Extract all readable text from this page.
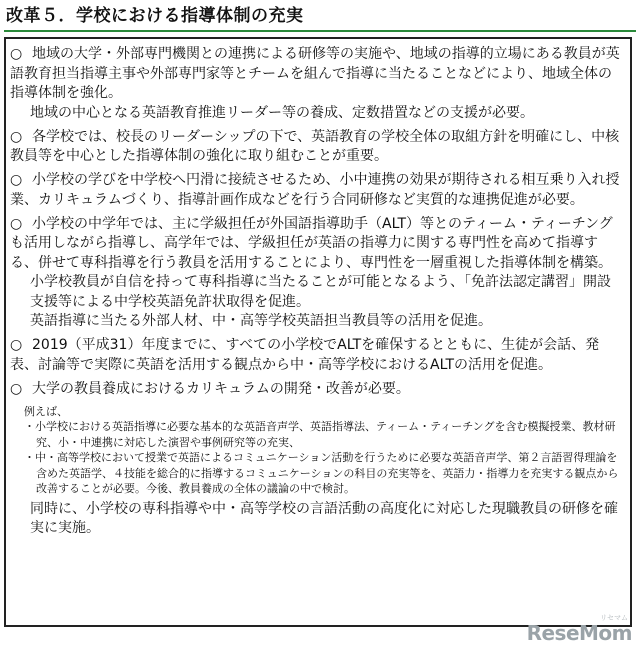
改革５．学校における指導体制の充実

○ 地域の大学・外部専門機関との連携による研修等の実施や、地域の指導的立場にある教員が英語教育担当指導主事や外部専門家等とチームを組んで指導に当たることなどにより、地域全体の指導体制を強化。

地域の中心となる英語教育推進リーダー等の養成、定数措置などの支援が必要。

○ 各学校では、校長のリーダーシップの下で、英語教育の学校全体の取組方針を明確にし、中核教員等を中心とした指導体制の強化に取り組むことが重要。

○ 小学校の学びを中学校へ円滑に接続させるため、小中連携の効果が期待される相互乗り入れ授業、カリキュラムづくり、指導計画作成などを行う合同研修など実質的な連携促進が必要。

○ 小学校の中学年では、主に学級担任が外国語指導助手（ALT）等とのティーム・ティーチングも活用しながら指導し、高学年では、学級担任が英語の指導力に関する専門性を高めて指導する、併せて専科指導を行う教員を活用することにより、専門性を一層重視した指導体制を構築。

小学校教員が自信を持って専科指導に当たることが可能となるよう、「免許法認定講習」開設支援等による中学校英語免許状取得を促進。

英語指導に当たる外部人材、中・高等学校英語担当教員等の活用を促進。

○ 2019（平成31）年度までに、すべての小学校でALTを確保するとともに、生徒が会話、発表、討論等で実際に英語を活用する観点から中・高等学校におけるALTの活用を促進。

○ 大学の教員養成におけるカリキュラムの開発・改善が必要。

例えば、

・小学校における英語指導に必要な基本的な英語音声学、英語指導法、ティーム・ティーチングを含む模擬授業、教材研究、小・中連携に対応した演習や事例研究等の充実、

・中・高等学校において授業で英語によるコミュニケーション活動を行うために必要な英語音声学、第２言語習得理論を含めた英語学、４技能を総合的に指導するコミュニケーションの科目の充実等を、英語力・指導力を充実する観点から改善することが必要。今後、教員養成の全体の議論の中で検討。

同時に、小学校の専科指導や中・高等学校の言語活動の高度化に対応した現職教員の研修を確実に実施。

リセマム
ReseMom
